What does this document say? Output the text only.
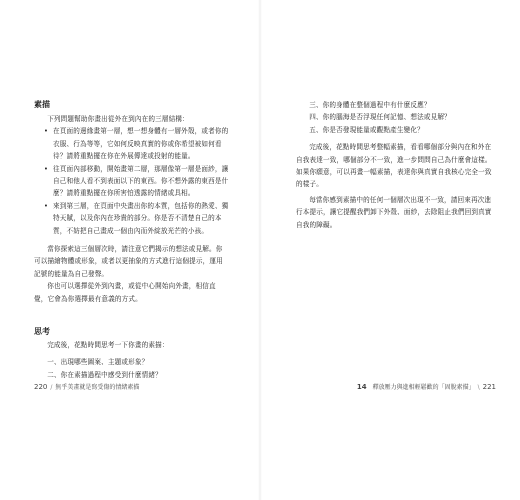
素描

下列問題幫助你畫出從外在到內在的三層結構：

• 在頁面的邊緣畫第一層，想一想身體有一層外殼，或者你的衣服、行為等等，它如何反映真實的你或你希望被如何看待？請將重點擺在你在外展傳達或投射的能量。
• 往頁面內部移動，開始畫第二層，那層像第一層是面紗，讓自己和他人看不到表面以下的東西。你不想外露的東西是什麼？請將重點擺在你所害怕透露的情緒或具相。
• 來到第三層，在頁面中央畫出你的本質，包括你的熱愛、獨特天賦，以及你內在珍貴的部分。你是否不清楚自己的本質，不妨把自己畫成一個由內而外綻放光芒的小孩。

當你探索這三個層次時，請注意它們揭示的想法或見解。你可以描繪物體或形象，或者以更抽象的方式進行這個提示，運用記號的能量為自己發聲。

你也可以選擇從外到內畫，或從中心開始向外畫，相信直覺，它會為你選擇最有意義的方式。

思考

完成後，花點時間思考一下你畫的素描：

一、出現哪些圖案、主題或形象？

二、你在素描過程中感受到什麼情緒？

220 / 無乎美畫就是寫受傷的情緒素描

三、你的身體在整個過程中有什麼反應？

四、你的腦海是否浮現任何記憶、想法或見解？

五、你是否發現能量或觀點產生變化？

完成後，花點時間思考整幅素描，看看哪個部分與內在和外在自我表達一致，哪個部分不一致，進一步問問自己為什麼會這樣。如果你願意，可以再畫一幅素描，表達你與真實自我核心完全一致的樣子。

每當你感到素描中的任何一個層次出現不一致，請回來再次進行本提示，讓它提醒我們卸下外殼、面紗，去除阻止我們回到真實自我的障礙。

14 釋放壓力與進相輕鬆歡的「固脫素描」 \ 221
